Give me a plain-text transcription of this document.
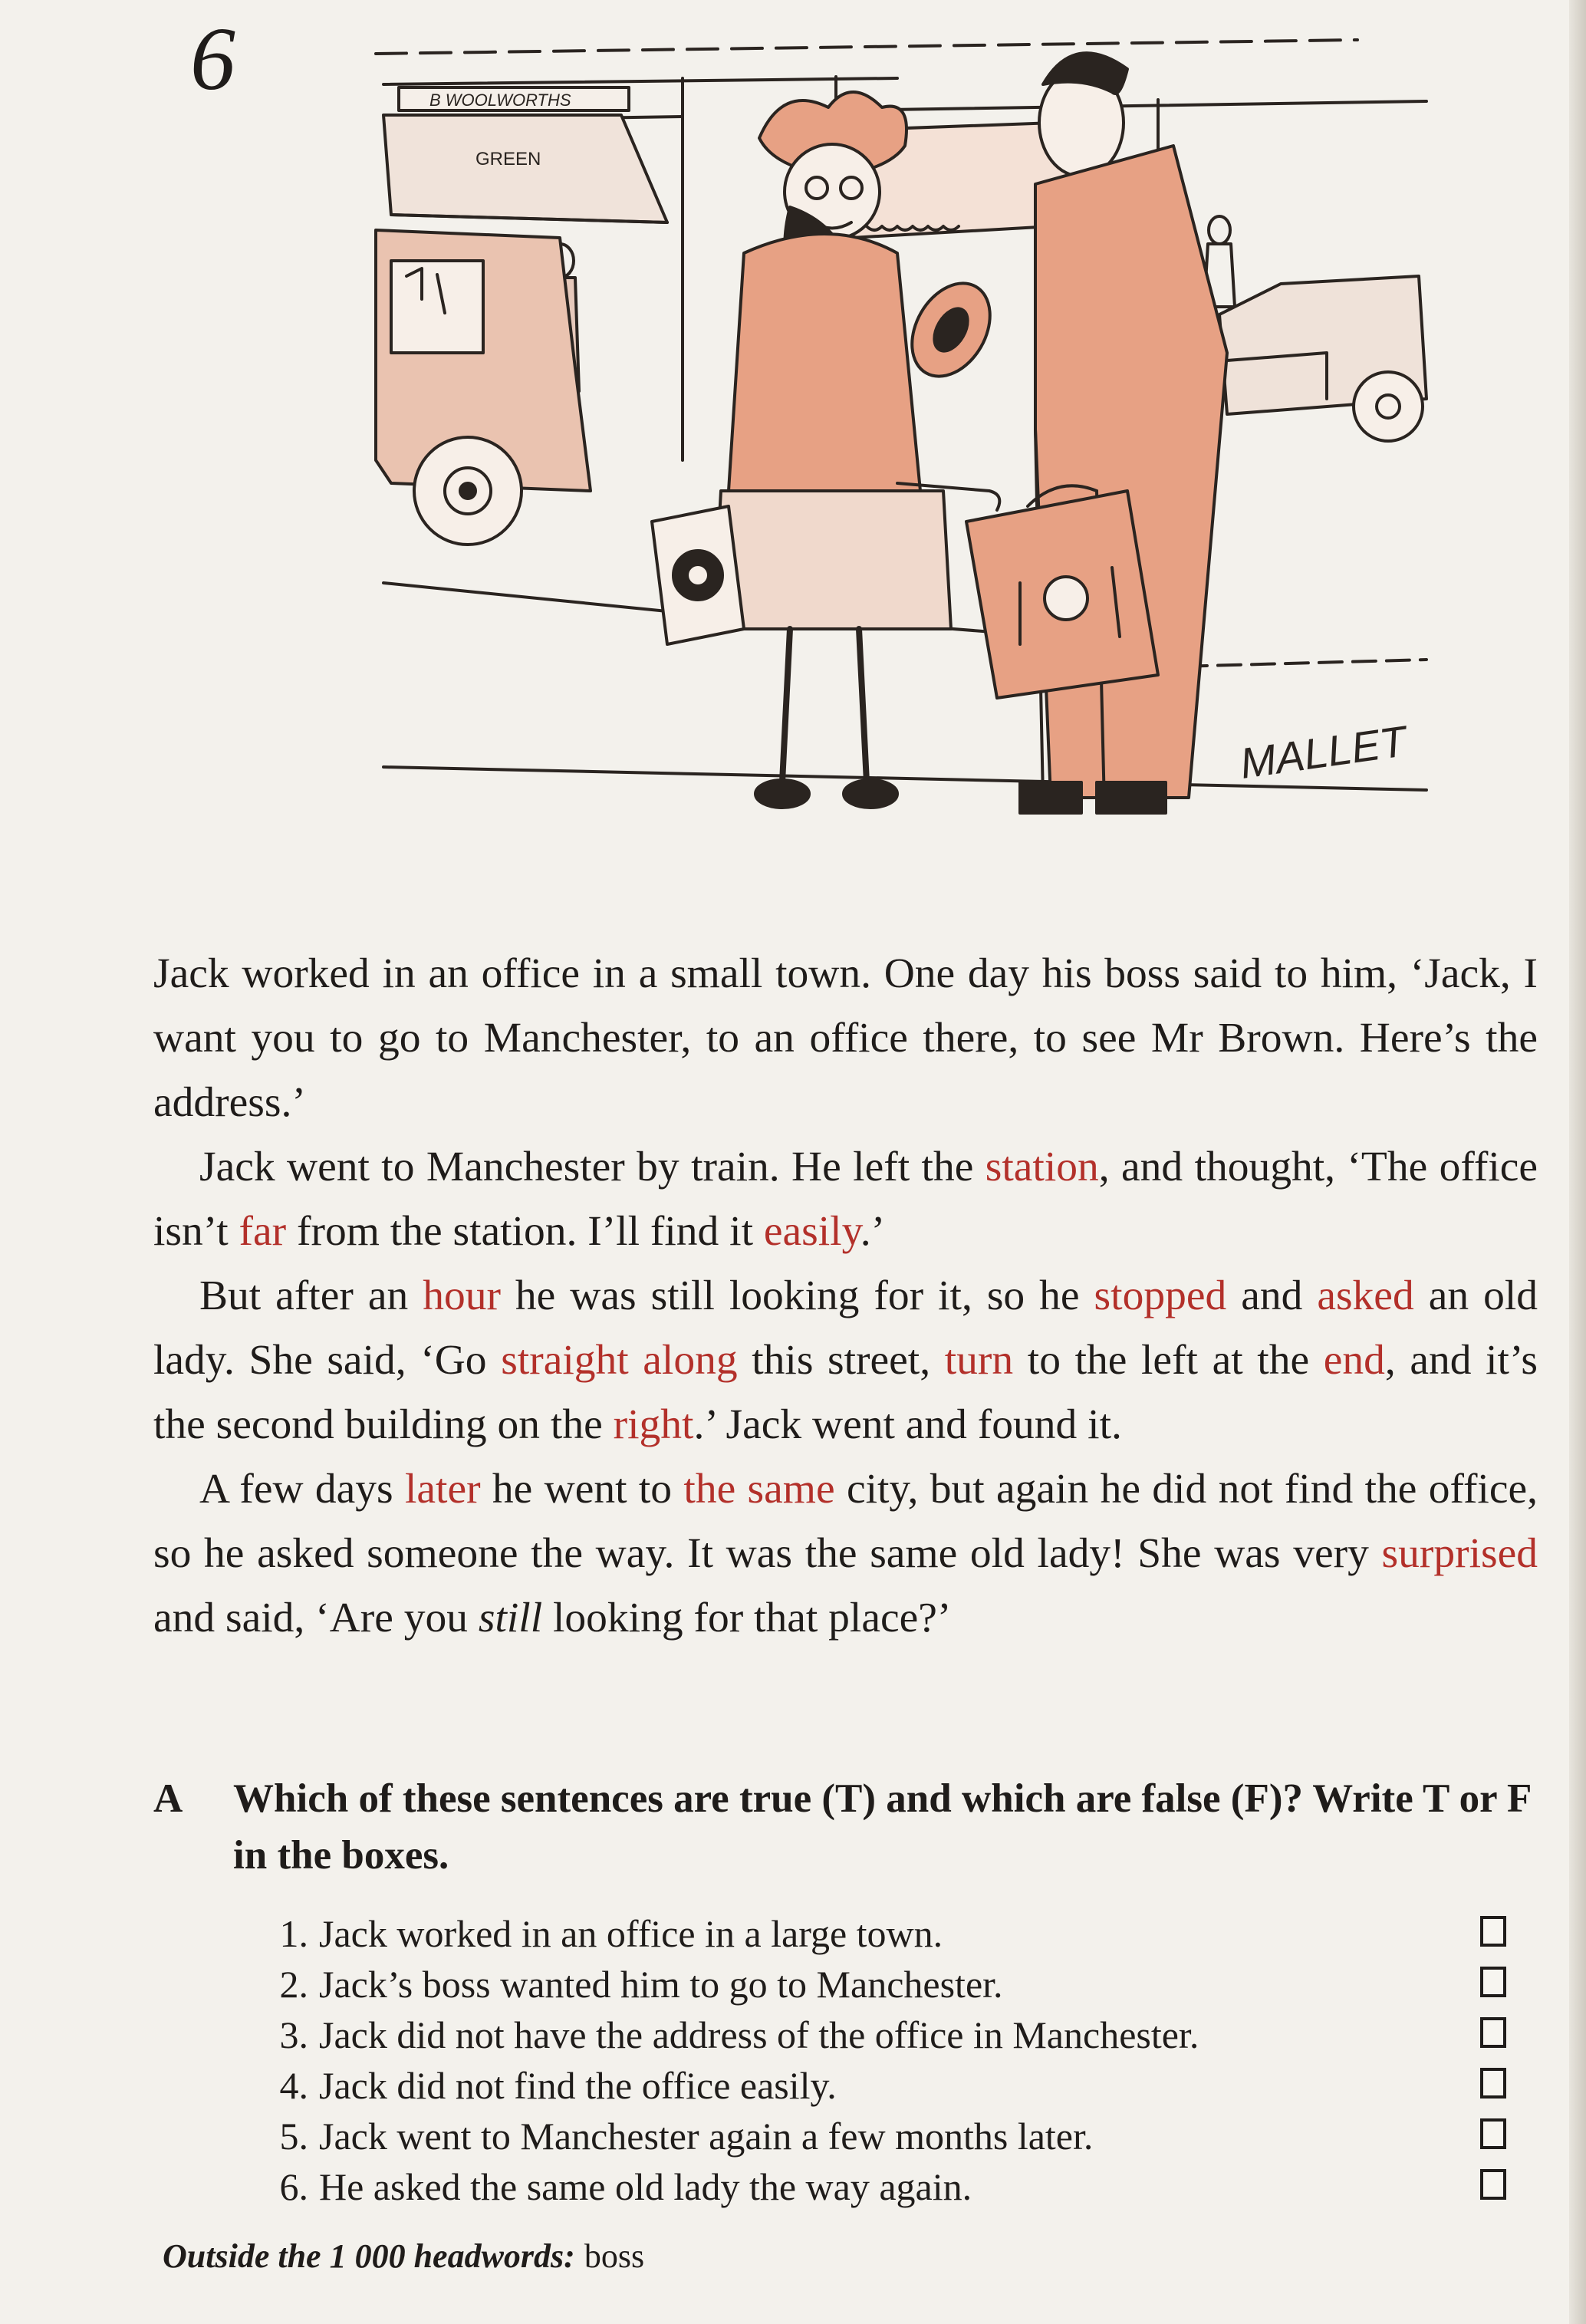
6	B WOOLWORTHS
GREEN
MALLET

Jack worked in an office in a small town. One day his boss said to him, ‘Jack, I want you to go to Manchester, to an office there, to see Mr Brown. Here’s the address.’

Jack went to Manchester by train. He left the station, and thought, ‘The office isn’t far from the station. I’ll find it easily.’

But after an hour he was still looking for it, so he stopped and asked an old lady. She said, ‘Go straight along this street, turn to the left at the end, and it’s the second building on the right.’ Jack went and found it.

A few days later he went to the same city, but again he did not find the office, so he asked someone the way. It was the same old lady! She was very surprised and said, ‘Are you still looking for that place?’

A	Which of these sentences are true (T) and which are false (F)? Write T or F in the boxes.
1. Jack worked in an office in a large town.
2. Jack’s boss wanted him to go to Manchester.
3. Jack did not have the address of the office in Manchester.
4. Jack did not find the office easily.
5. Jack went to Manchester again a few months later.
6. He asked the same old lady the way again.
Outside the 1 000 headwords: boss
